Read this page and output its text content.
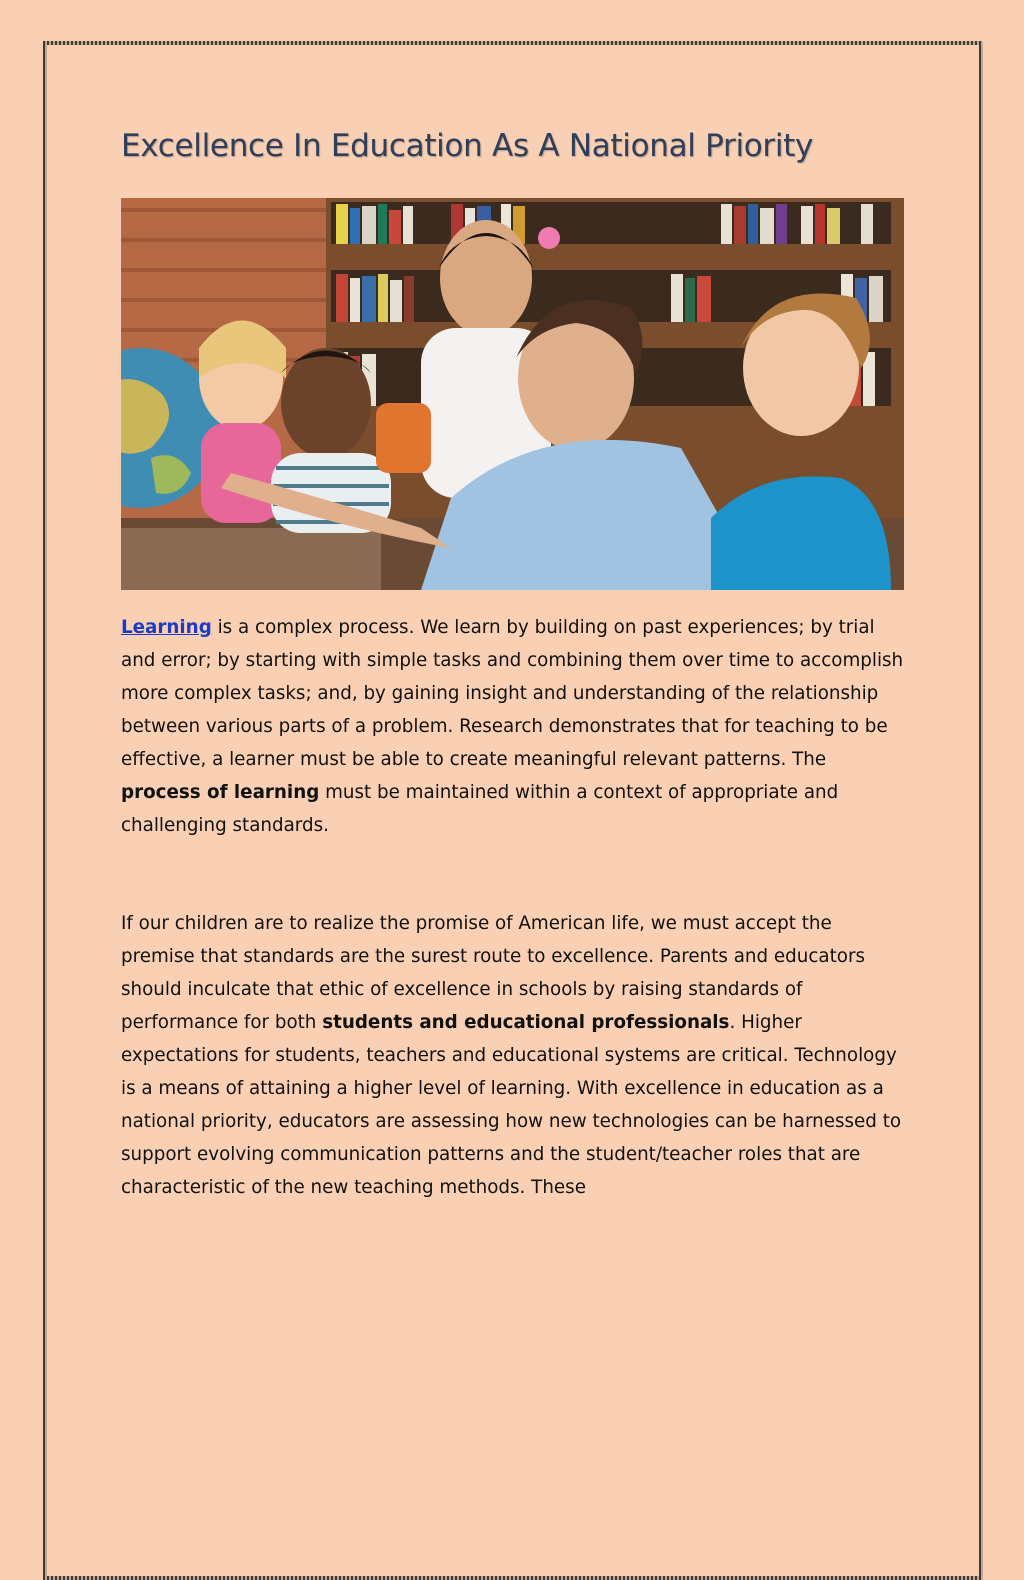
Excellence In Education As A National Priority

Learning is a complex process. We learn by building on past experiences; by trial and error; by starting with simple tasks and combining them over time to accomplish more complex tasks; and, by gaining insight and understanding of the relationship between various parts of a problem. Research demonstrates that for teaching to be effective, a learner must be able to create meaningful relevant patterns. The process of learning must be maintained within a context of appropriate and challenging standards.

If our children are to realize the promise of American life, we must accept the premise that standards are the surest route to excellence. Parents and educators should inculcate that ethic of excellence in schools by raising standards of performance for both students and educational professionals. Higher expectations for students, teachers and educational systems are critical. Technology is a means of attaining a higher level of learning. With excellence in education as a national priority, educators are assessing how new technologies can be harnessed to support evolving communication patterns and the student/teacher roles that are characteristic of the new teaching methods. These
